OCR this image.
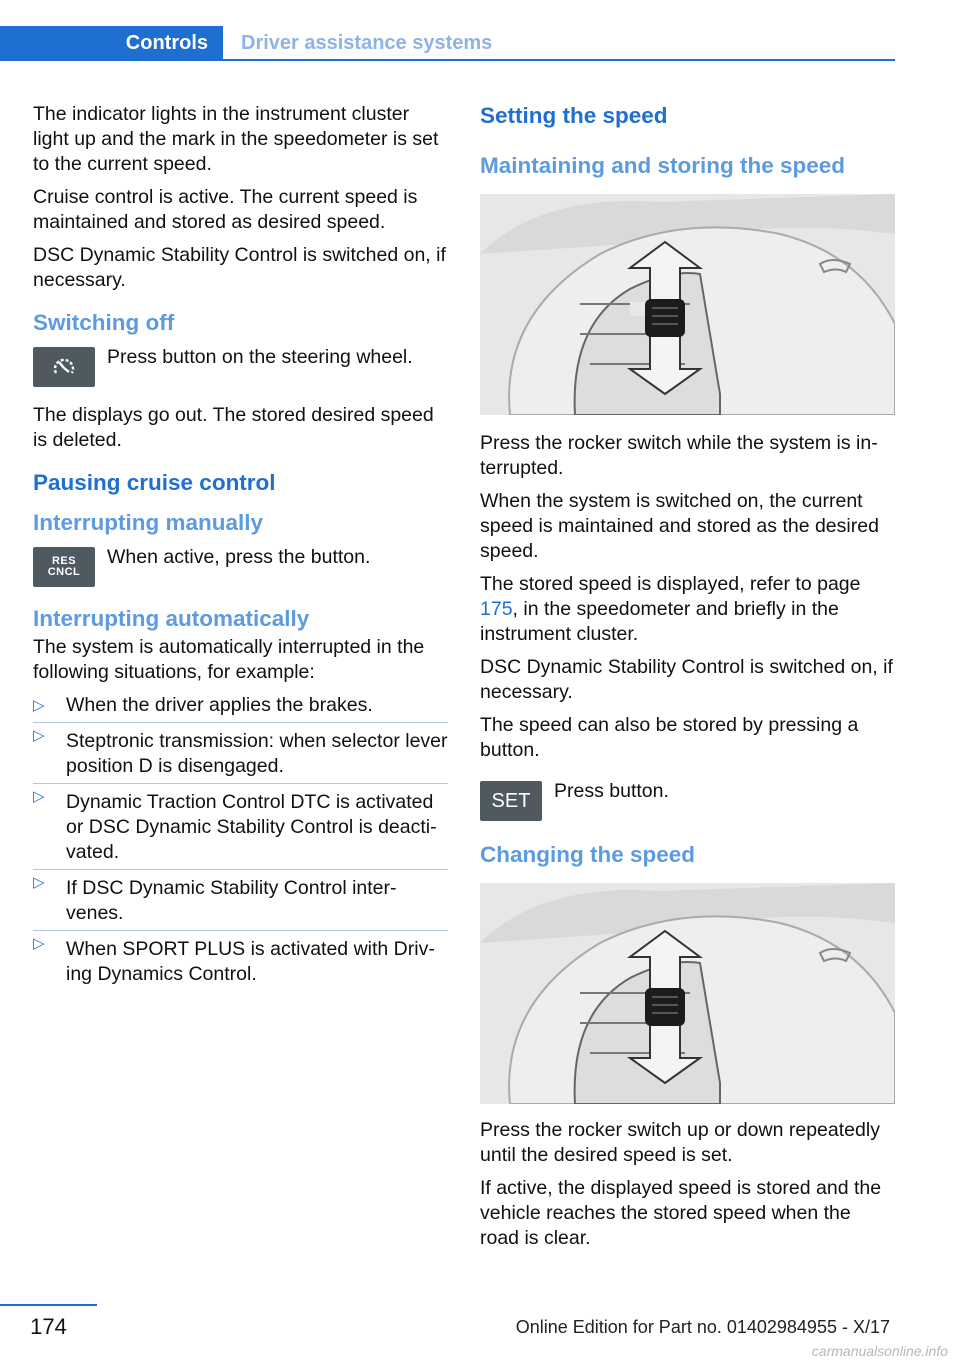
Controls Driver assistance systems

The indicator lights in the instrument cluster light up and the mark in the speedometer is set to the current speed.

Cruise control is active. The current speed is maintained and stored as desired speed.

DSC Dynamic Stability Control is switched on, if necessary.

Switching off

Press button on the steering wheel.

The displays go out. The stored desired speed is deleted.

Pausing cruise control
Interrupting manually
RES
CNCL

When active, press the button.

Interrupting automatically

The system is automatically interrupted in the following situations, for example:

▷ When the driver applies the brakes.
▷ Steptronic transmission: when selector lever position D is disengaged.
▷ Dynamic Traction Control DTC is activated or DSC Dynamic Stability Control is deacti‐vated.
▷ If DSC Dynamic Stability Control inter‐venes.
▷ When SPORT PLUS is activated with Driv‐ing Dynamics Control.
Setting the speed
Maintaining and storing the speed

Press the rocker switch while the system is in‐terrupted.

When the system is switched on, the current speed is maintained and stored as the desired speed.

The stored speed is displayed, refer to page 175, in the speedometer and briefly in the instrument cluster.

DSC Dynamic Stability Control is switched on, if necessary.

The speed can also be stored by pressing a button.

SET Press button.

Changing the speed

Press the rocker switch up or down repeatedly until the desired speed is set.

If active, the displayed speed is stored and the vehicle reaches the stored speed when the road is clear.

174	Online Edition for Part no. 01402984955 - X/17
carmanualsonline.info
